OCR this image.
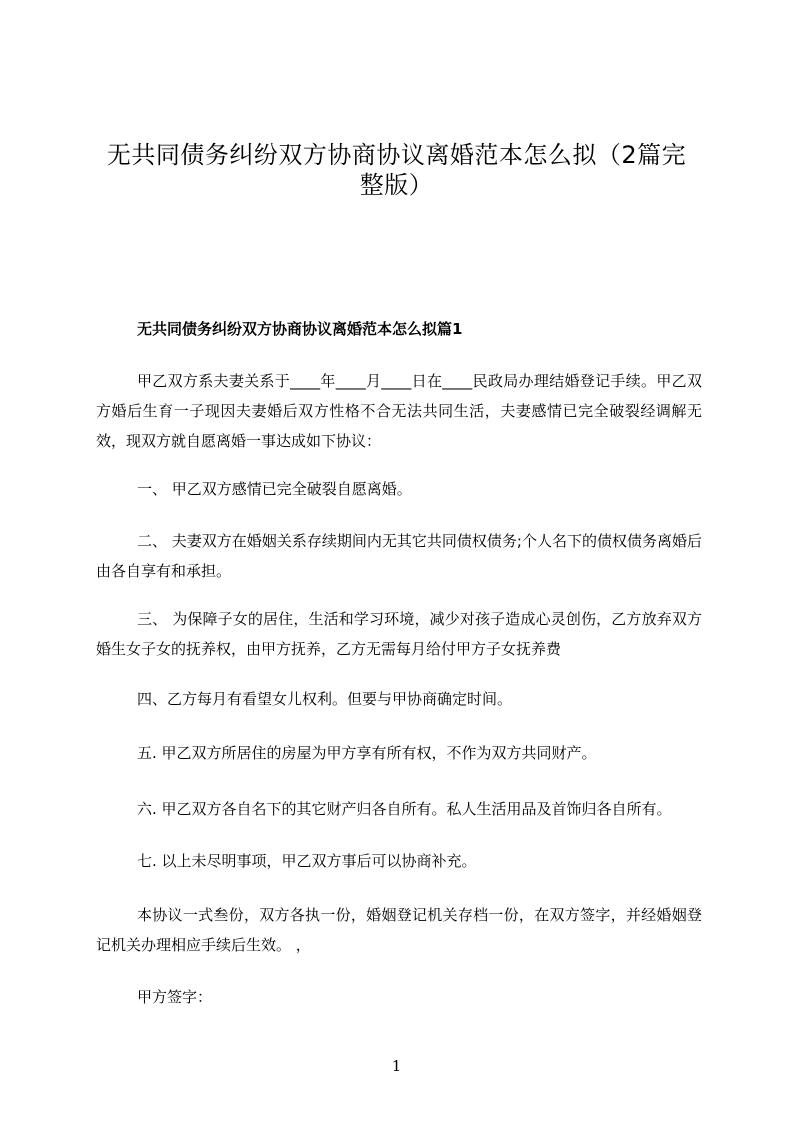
无共同债务纠纷双方协商协议离婚范本怎么拟（2篇完整版）
无共同债务纠纷双方协商协议离婚范本怎么拟篇1

甲乙双方系夫妻关系于____年____月____日在____民政局办理结婚登记手续。甲乙双方婚后生育一子现因夫妻婚后双方性格不合无法共同生活，夫妻感情已完全破裂经调解无效，现双方就自愿离婚一事达成如下协议：

一、 甲乙双方感情已完全破裂自愿离婚。

二、 夫妻双方在婚姻关系存续期间内无其它共同债权债务;个人名下的债权债务离婚后由各自享有和承担。

三、 为保障子女的居住，生活和学习环境，减少对孩子造成心灵创伤，乙方放弃双方婚生女子女的抚养权，由甲方抚养，乙方无需每月给付甲方子女抚养费

四、乙方每月有看望女儿权利。但要与甲协商确定时间。

五. 甲乙双方所居住的房屋为甲方享有所有权，不作为双方共同财产。

六. 甲乙双方各自名下的其它财产归各自所有。私人生活用品及首饰归各自所有。

七. 以上未尽明事项，甲乙双方事后可以协商补充。

本协议一式叁份，双方各执一份，婚姻登记机关存档一份，在双方签字，并经婚姻登记机关办理相应手续后生效。 ，

甲方签字：

1
